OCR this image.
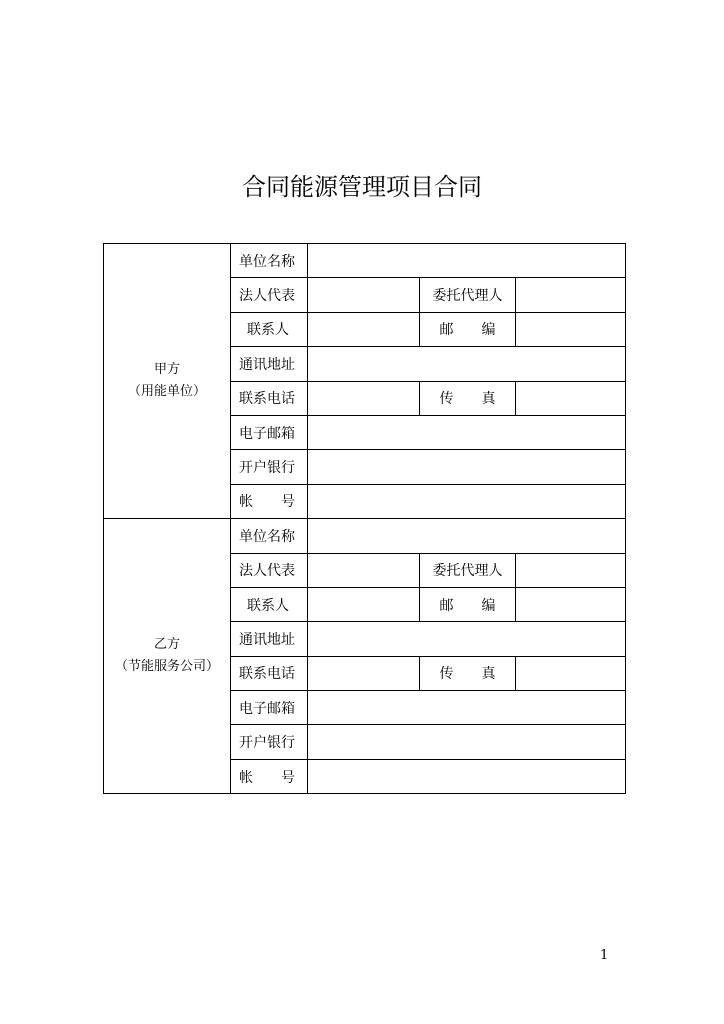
合同能源管理项目合同
甲方
（用能单位）	单位名称			
	法人代表		委托代理人	
	联系人		邮　　编	
	通讯地址			
	联系电话		传　　真	
	电子邮箱			
	开户银行			
	帐　　号			

乙方
（节能服务公司）	单位名称			
	法人代表		委托代理人	
	联系人		邮　　编	
	通讯地址			
	联系电话		传　　真	
	电子邮箱			
	开户银行			
	帐　　号			
1
